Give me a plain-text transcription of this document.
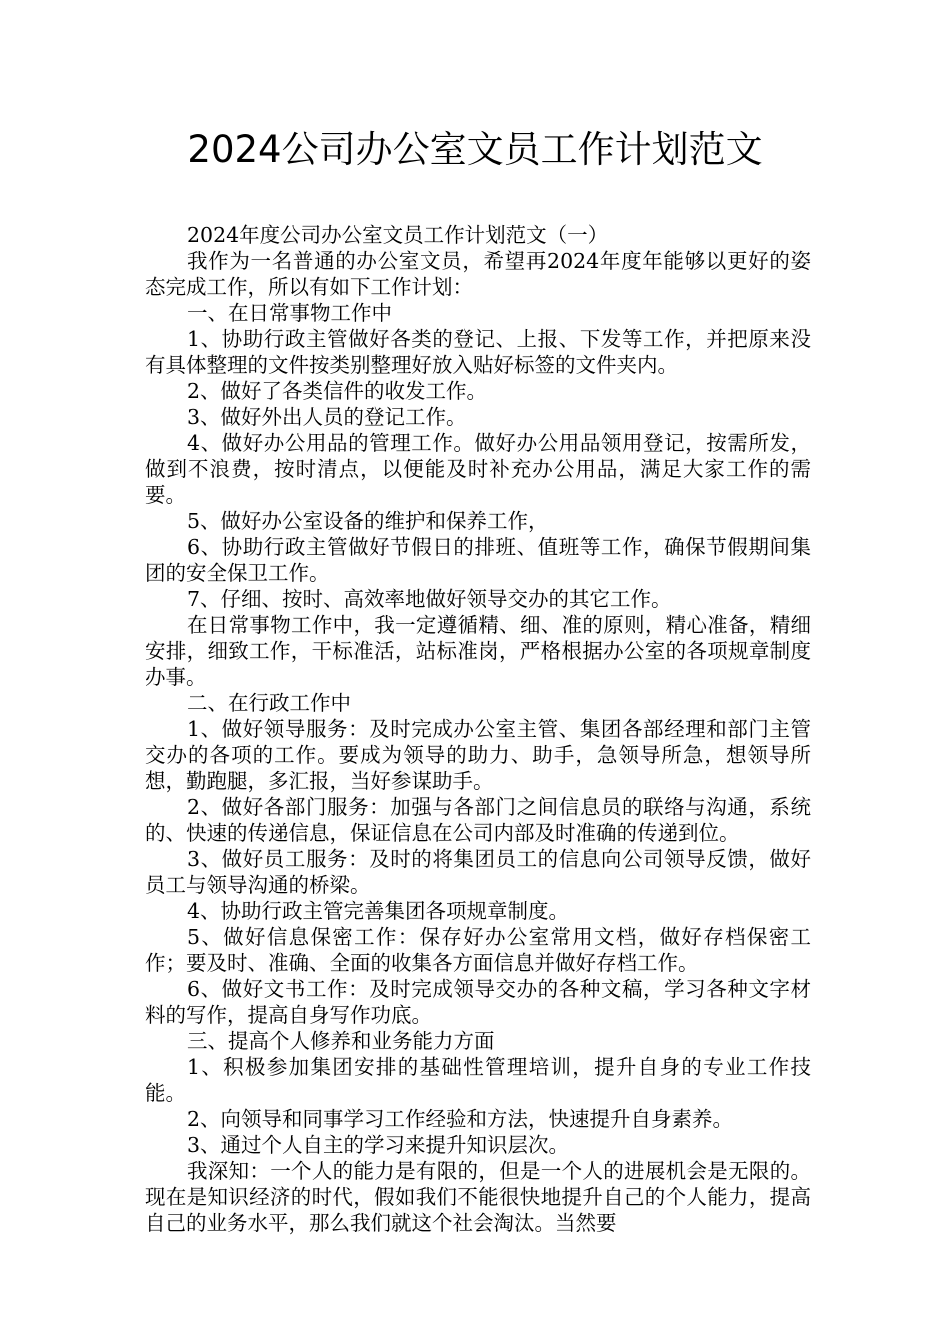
2024公司办公室文员工作计划范文

2024年度公司办公室文员工作计划范文（一）

我作为一名普通的办公室文员，希望再2024年度年能够以更好的姿态完成工作，所以有如下工作计划：

一、在日常事物工作中

1、协助行政主管做好各类的登记、上报、下发等工作，并把原来没有具体整理的文件按类别整理好放入贴好标签的文件夹内。

2、做好了各类信件的收发工作。

3、做好外出人员的登记工作。

4、做好办公用品的管理工作。做好办公用品领用登记，按需所发，做到不浪费，按时清点，以便能及时补充办公用品，满足大家工作的需要。

5、做好办公室设备的维护和保养工作，

6、协助行政主管做好节假日的排班、值班等工作，确保节假期间集团的安全保卫工作。

7、仔细、按时、高效率地做好领导交办的其它工作。

在日常事物工作中，我一定遵循精、细、准的原则，精心准备，精细安排，细致工作，干标准活，站标准岗，严格根据办公室的各项规章制度办事。

二、在行政工作中

1、做好领导服务：及时完成办公室主管、集团各部经理和部门主管交办的各项的工作。要成为领导的助力、助手，急领导所急，想领导所想，勤跑腿，多汇报，当好参谋助手。

2、做好各部门服务：加强与各部门之间信息员的联络与沟通，系统的、快速的传递信息，保证信息在公司内部及时准确的传递到位。

3、做好员工服务：及时的将集团员工的信息向公司领导反馈，做好员工与领导沟通的桥梁。

4、协助行政主管完善集团各项规章制度。

5、做好信息保密工作：保存好办公室常用文档，做好存档保密工作；要及时、准确、全面的收集各方面信息并做好存档工作。

6、做好文书工作：及时完成领导交办的各种文稿，学习各种文字材料的写作，提高自身写作功底。

三、提高个人修养和业务能力方面

1、积极参加集团安排的基础性管理培训，提升自身的专业工作技能。

2、向领导和同事学习工作经验和方法，快速提升自身素养。

3、通过个人自主的学习来提升知识层次。

我深知：一个人的能力是有限的，但是一个人的进展机会是无限的。现在是知识经济的时代，假如我们不能很快地提升自己的个人能力，提高自己的业务水平，那么我们就这个社会淘汰。当然要
